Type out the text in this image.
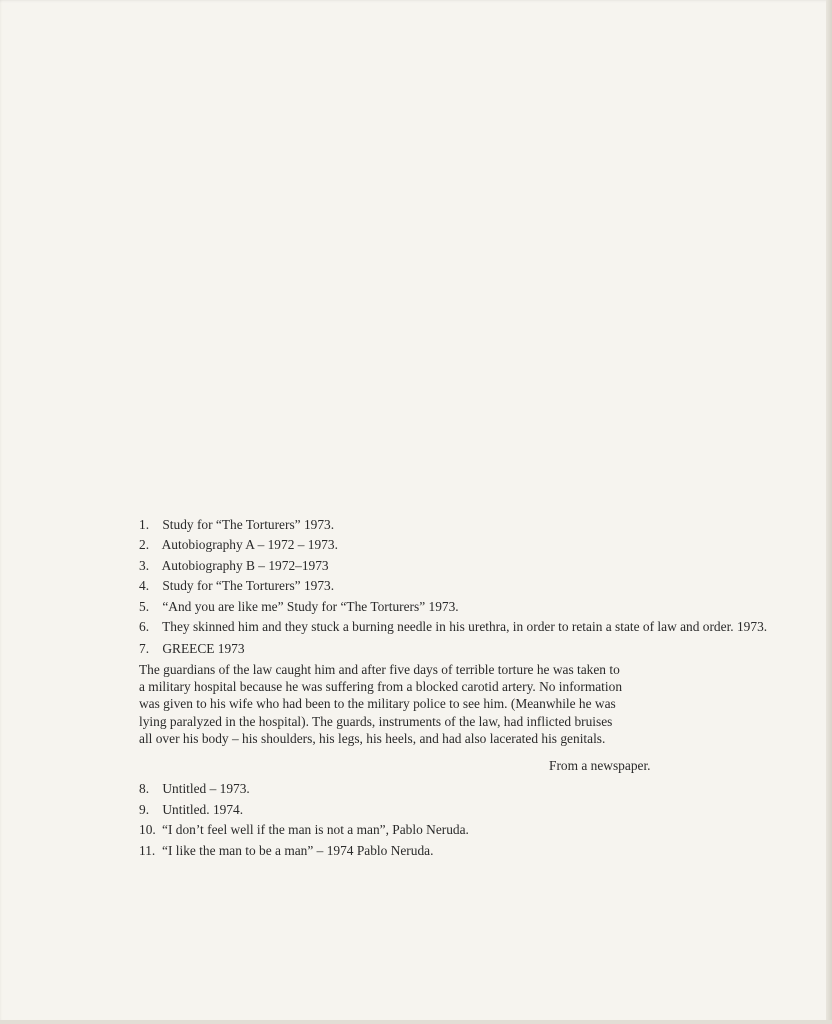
1. Study for “The Torturers” 1973.
2. Autobiography A – 1972 – 1973.
3. Autobiography B – 1972–1973
4. Study for “The Torturers” 1973.
5. “And you are like me” Study for “The Torturers” 1973.
6. They skinned him and they stuck a burning needle in his urethra, in order to retain a state of law and order. 1973.
7. GREECE 1973
The guardians of the law caught him and after five days of terrible torture he was taken to
a military hospital because he was suffering from a blocked carotid artery. No information
was given to his wife who had been to the military police to see him. (Meanwhile he was
lying paralyzed in the hospital). The guards, instruments of the law, had inflicted bruises
all over his body – his shoulders, his legs, his heels, and had also lacerated his genitals.
From a newspaper.
8. Untitled – 1973.
9. Untitled. 1974.
10. “I don’t feel well if the man is not a man”, Pablo Neruda.
11. “I like the man to be a man” – 1974 Pablo Neruda.
